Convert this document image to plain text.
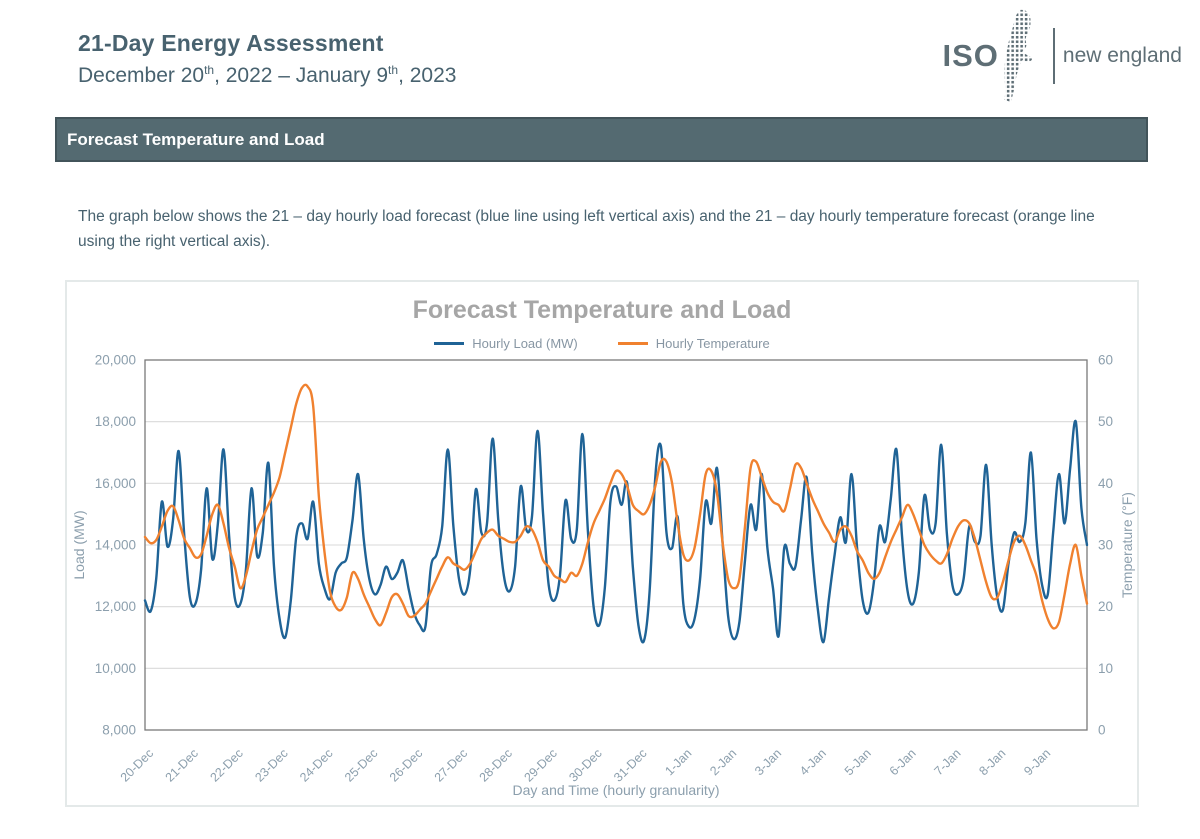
21-Day Energy Assessment
December 20th, 2022 – January 9th, 2023
ISO	new england
Forecast Temperature and Load
The graph below shows the 21 – day hourly load forecast (blue line using left vertical axis) and the 21 – day hourly temperature forecast (orange line using the right vertical axis).
8,000
10,000
12,000
14,000
16,000
18,000
20,000
0
10
20
30
40
50
60
20-Dec 21-Dec 22-Dec 23-Dec 24-Dec 25-Dec 26-Dec 27-Dec 28-Dec 29-Dec 30-Dec 31-Dec 1-Jan 2-Jan 3-Jan 4-Jan 5-Jan 6-Jan 7-Jan 8-Jan 9-Jan
Forecast Temperature and Load
Hourly Load (MW)	Hourly Temperature
Load (MW)	Temperature (°F)
Day and Time (hourly granularity)
